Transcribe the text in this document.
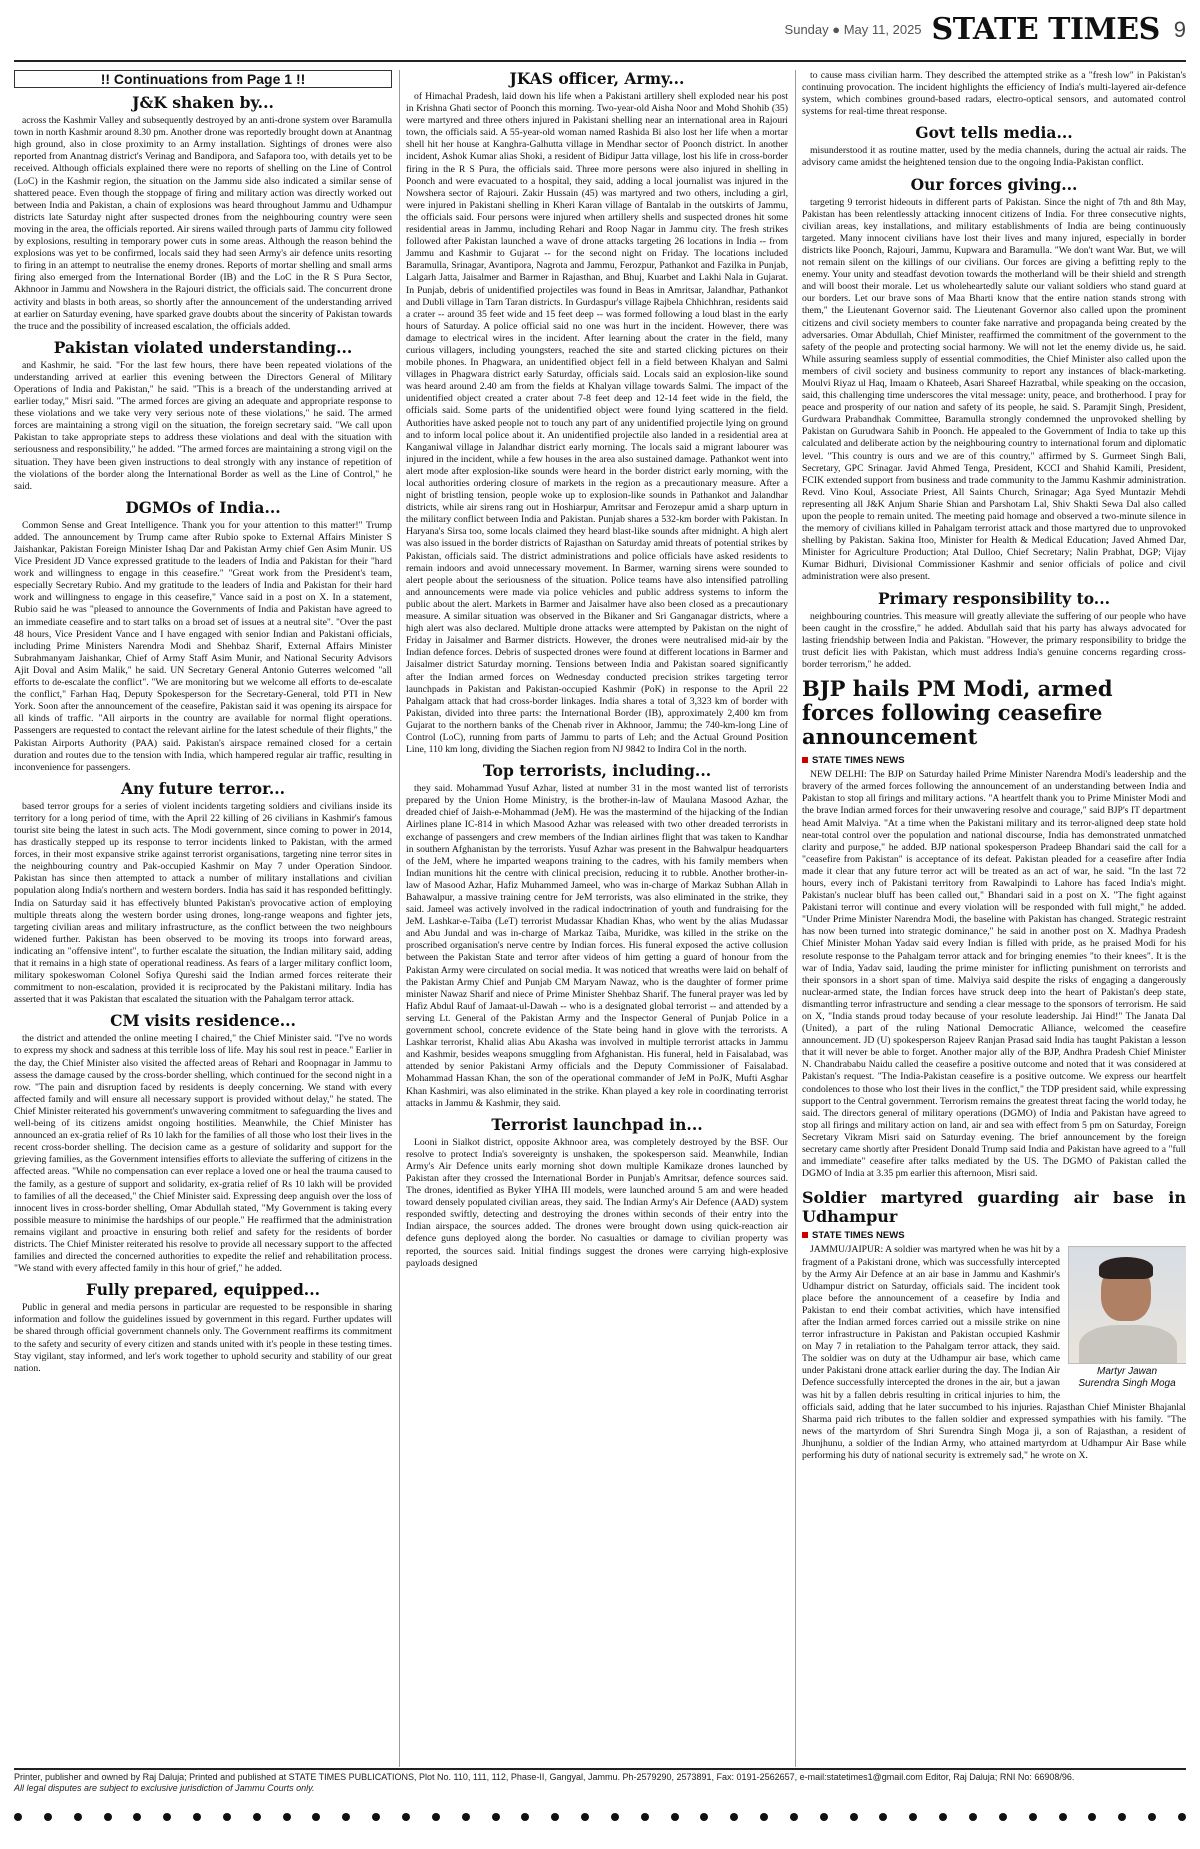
Sunday ● May 11, 2025 STATE TIMES 9
!! Continuations from Page 1 !!
J&K shaken by...

across the Kashmir Valley and subsequently destroyed by an anti-drone system over Baramulla town in north Kashmir around 8.30 pm. Another drone was reportedly brought down at Anantnag high ground, also in close proximity to an Army installation. Sightings of drones were also reported from Anantnag district's Verinag and Bandipora, and Safapora too, with details yet to be received. Although officials explained there were no reports of shelling on the Line of Control (LoC) in the Kashmir region, the situation on the Jammu side also indicated a similar sense of shattered peace. Even though the stoppage of firing and military action was directly worked out between India and Pakistan, a chain of explosions was heard throughout Jammu and Udhampur districts late Saturday night after suspected drones from the neighbouring country were seen moving in the area, the officials reported. Air sirens wailed through parts of Jammu city followed by explosions, resulting in temporary power cuts in some areas. Although the reason behind the explosions was yet to be confirmed, locals said they had seen Army's air defence units resorting to firing in an attempt to neutralise the enemy drones. Reports of mortar shelling and small arms firing also emerged from the International Border (IB) and the LoC in the R S Pura Sector, Akhnoor in Jammu and Nowshera in the Rajouri district, the officials said. The concurrent drone activity and blasts in both areas, so shortly after the announcement of the understanding arrived at earlier on Saturday evening, have sparked grave doubts about the sincerity of Pakistan towards the truce and the possibility of increased escalation, the officials added.

Pakistan violated understanding...

and Kashmir, he said. "For the last few hours, there have been repeated violations of the understanding arrived at earlier this evening between the Directors General of Military Operations of India and Pakistan," he said. "This is a breach of the understanding arrived at earlier today," Misri said. "The armed forces are giving an adequate and appropriate response to these violations and we take very very serious note of these violations," he said. The armed forces are maintaining a strong vigil on the situation, the foreign secretary said. "We call upon Pakistan to take appropriate steps to address these violations and deal with the situation with seriousness and responsibility," he added. "The armed forces are maintaining a strong vigil on the situation. They have been given instructions to deal strongly with any instance of repetition of the violations of the border along the International Border as well as the Line of Control," he said.

DGMOs of India...

Common Sense and Great Intelligence. Thank you for your attention to this matter!" Trump added. The announcement by Trump came after Rubio spoke to External Affairs Minister S Jaishankar, Pakistan Foreign Minister Ishaq Dar and Pakistan Army chief Gen Asim Munir. US Vice President JD Vance expressed gratitude to the leaders of India and Pakistan for their "hard work and willingness to engage in this ceasefire." "Great work from the President's team, especially Secretary Rubio. And my gratitude to the leaders of India and Pakistan for their hard work and willingness to engage in this ceasefire," Vance said in a post on X. In a statement, Rubio said he was "pleased to announce the Governments of India and Pakistan have agreed to an immediate ceasefire and to start talks on a broad set of issues at a neutral site". "Over the past 48 hours, Vice President Vance and I have engaged with senior Indian and Pakistani officials, including Prime Ministers Narendra Modi and Shehbaz Sharif, External Affairs Minister Subrahmanyam Jaishankar, Chief of Army Staff Asim Munir, and National Security Advisors Ajit Doval and Asim Malik," he said. UN Secretary General Antonio Guterres welcomed "all efforts to de-escalate the conflict". "We are monitoring but we welcome all efforts to de-escalate the conflict," Farhan Haq, Deputy Spokesperson for the Secretary-General, told PTI in New York. Soon after the announcement of the ceasefire, Pakistan said it was opening its airspace for all kinds of traffic. "All airports in the country are available for normal flight operations. Passengers are requested to contact the relevant airline for the latest schedule of their flights," the Pakistan Airports Authority (PAA) said. Pakistan's airspace remained closed for a certain duration and routes due to the tension with India, which hampered regular air traffic, resulting in inconvenience for passengers.

Any future terror...

based terror groups for a series of violent incidents targeting soldiers and civilians inside its territory for a long period of time, with the April 22 killing of 26 civilians in Kashmir's famous tourist site being the latest in such acts. The Modi government, since coming to power in 2014, has drastically stepped up its response to terror incidents linked to Pakistan, with the armed forces, in their most expansive strike against terrorist organisations, targeting nine terror sites in the neighbouring country and Pak-occupied Kashmir on May 7 under Operation Sindoor. Pakistan has since then attempted to attack a number of military installations and civilian population along India's northern and western borders. India has said it has responded befittingly. India on Saturday said it has effectively blunted Pakistan's provocative action of employing multiple threats along the western border using drones, long-range weapons and fighter jets, targeting civilian areas and military infrastructure, as the conflict between the two neighbours widened further. Pakistan has been observed to be moving its troops into forward areas, indicating an "offensive intent", to further escalate the situation, the Indian military said, adding that it remains in a high state of operational readiness. As fears of a larger military conflict loom, military spokeswoman Colonel Sofiya Qureshi said the Indian armed forces reiterate their commitment to non-escalation, provided it is reciprocated by the Pakistani military. India has asserted that it was Pakistan that escalated the situation with the Pahalgam terror attack.

CM visits residence...

the district and attended the online meeting I chaired," the Chief Minister said. "I've no words to express my shock and sadness at this terrible loss of life. May his soul rest in peace." Earlier in the day, the Chief Minister also visited the affected areas of Rehari and Roopnagar in Jammu to assess the damage caused by the cross-border shelling, which continued for the second night in a row. "The pain and disruption faced by residents is deeply concerning. We stand with every affected family and will ensure all necessary support is provided without delay," he stated. The Chief Minister reiterated his government's unwavering commitment to safeguarding the lives and well-being of its citizens amidst ongoing hostilities. Meanwhile, the Chief Minister has announced an ex-gratia relief of Rs 10 lakh for the families of all those who lost their lives in the recent cross-border shelling. The decision came as a gesture of solidarity and support for the grieving families, as the Government intensifies efforts to alleviate the suffering of citizens in the affected areas. "While no compensation can ever replace a loved one or heal the trauma caused to the family, as a gesture of support and solidarity, ex-gratia relief of Rs 10 lakh will be provided to families of all the deceased," the Chief Minister said. Expressing deep anguish over the loss of innocent lives in cross-border shelling, Omar Abdullah stated, "My Government is taking every possible measure to minimise the hardships of our people." He reaffirmed that the administration remains vigilant and proactive in ensuring both relief and safety for the residents of border districts. The Chief Minister reiterated his resolve to provide all necessary support to the affected families and directed the concerned authorities to expedite the relief and rehabilitation process. "We stand with every affected family in this hour of grief," he added.

Fully prepared, equipped...

Public in general and media persons in particular are requested to be responsible in sharing information and follow the guidelines issued by government in this regard. Further updates will be shared through official government channels only. The Government reaffirms its commitment to the safety and security of every citizen and stands united with it's people in these testing times. Stay vigilant, stay informed, and let's work together to uphold security and stability of our great nation.

JKAS officer, Army...

of Himachal Pradesh, laid down his life when a Pakistani artillery shell exploded near his post in Krishna Ghati sector of Poonch this morning. Two-year-old Aisha Noor and Mohd Shohib (35) were martyred and three others injured in Pakistani shelling near an international area in Rajouri town, the officials said. A 55-year-old woman named Rashida Bi also lost her life when a mortar shell hit her house at Kanghra-Galhutta village in Mendhar sector of Poonch district. In another incident, Ashok Kumar alias Shoki, a resident of Bidipur Jatta village, lost his life in cross-border firing in the R S Pura, the officials said. Three more persons were also injured in shelling in Poonch and were evacuated to a hospital, they said, adding a local journalist was injured in the Nowshera sector of Rajouri. Zakir Hussain (45) was martyred and two others, including a girl, were injured in Pakistani shelling in Kheri Karan village of Bantalab in the outskirts of Jammu, the officials said. Four persons were injured when artillery shells and suspected drones hit some residential areas in Jammu, including Rehari and Roop Nagar in Jammu city. The fresh strikes followed after Pakistan launched a wave of drone attacks targeting 26 locations in India -- from Jammu and Kashmir to Gujarat -- for the second night on Friday. The locations included Baramulla, Srinagar, Avantipora, Nagrota and Jammu, Ferozpur, Pathankot and Fazilka in Punjab, Lalgarh Jatta, Jaisalmer and Barmer in Rajasthan, and Bhuj, Kuarbet and Lakhi Nala in Gujarat. In Punjab, debris of unidentified projectiles was found in Beas in Amritsar, Jalandhar, Pathankot and Dubli village in Tarn Taran districts. In Gurdaspur's village Rajbela Chhichhran, residents said a crater -- around 35 feet wide and 15 feet deep -- was formed following a loud blast in the early hours of Saturday. A police official said no one was hurt in the incident. However, there was damage to electrical wires in the incident. After learning about the crater in the field, many curious villagers, including youngsters, reached the site and started clicking pictures on their mobile phones. In Phagwara, an unidentified object fell in a field between Khalyan and Salmi villages in Phagwara district early Saturday, officials said. Locals said an explosion-like sound was heard around 2.40 am from the fields at Khalyan village towards Salmi. The impact of the unidentified object created a crater about 7-8 feet deep and 12-14 feet wide in the field, the officials said. Some parts of the unidentified object were found lying scattered in the field. Authorities have asked people not to touch any part of any unidentified projectile lying on ground and to inform local police about it. An unidentified projectile also landed in a residential area at Kanganiwal village in Jalandhar district early morning. The locals said a migrant labourer was injured in the incident, while a few houses in the area also sustained damage. Pathankot went into alert mode after explosion-like sounds were heard in the border district early morning, with the local authorities ordering closure of markets in the region as a precautionary measure. After a night of bristling tension, people woke up to explosion-like sounds in Pathankot and Jalandhar districts, while air sirens rang out in Hoshiarpur, Amritsar and Ferozepur amid a sharp upturn in the military conflict between India and Pakistan. Punjab shares a 532-km border with Pakistan. In Haryana's Sirsa too, some locals claimed they heard blast-like sounds after midnight. A high alert was also issued in the border districts of Rajasthan on Saturday amid threats of potential strikes by Pakistan, officials said. The district administrations and police officials have asked residents to remain indoors and avoid unnecessary movement. In Barmer, warning sirens were sounded to alert people about the seriousness of the situation. Police teams have also intensified patrolling and announcements were made via police vehicles and public address systems to inform the public about the alert. Markets in Barmer and Jaisalmer have also been closed as a precautionary measure. A similar situation was observed in the Bikaner and Sri Ganganagar districts, where a high alert was also declared. Multiple drone attacks were attempted by Pakistan on the night of Friday in Jaisalmer and Barmer districts. However, the drones were neutralised mid-air by the Indian defence forces. Debris of suspected drones were found at different locations in Barmer and Jaisalmer district Saturday morning. Tensions between India and Pakistan soared significantly after the Indian armed forces on Wednesday conducted precision strikes targeting terror launchpads in Pakistan and Pakistan-occupied Kashmir (PoK) in response to the April 22 Pahalgam attack that had cross-border linkages. India shares a total of 3,323 km of border with Pakistan, divided into three parts: the International Border (IB), approximately 2,400 km from Gujarat to the northern banks of the Chenab river in Akhnoor, Jammu; the 740-km-long Line of Control (LoC), running from parts of Jammu to parts of Leh; and the Actual Ground Position Line, 110 km long, dividing the Siachen region from NJ 9842 to Indira Col in the north.

Top terrorists, including...

they said. Mohammad Yusuf Azhar, listed at number 31 in the most wanted list of terrorists prepared by the Union Home Ministry, is the brother-in-law of Maulana Masood Azhar, the dreaded chief of Jaish-e-Mohammad (JeM). He was the mastermind of the hijacking of the Indian Airlines plane IC-814 in which Masood Azhar was released with two other dreaded terrorists in exchange of passengers and crew members of the Indian airlines flight that was taken to Kandhar in southern Afghanistan by the terrorists. Yusuf Azhar was present in the Bahwalpur headquarters of the JeM, where he imparted weapons training to the cadres, with his family members when Indian munitions hit the centre with clinical precision, reducing it to rubble. Another brother-in-law of Masood Azhar, Hafiz Muhammed Jameel, who was in-charge of Markaz Subhan Allah in Bahawalpur, a massive training centre for JeM terrorists, was also eliminated in the strike, they said. Jameel was actively involved in the radical indoctrination of youth and fundraising for the JeM. Lashkar-e-Taiba (LeT) terrorist Mudassar Khadian Khas, who went by the alias Mudassar and Abu Jundal and was in-charge of Markaz Taiba, Muridke, was killed in the strike on the proscribed organisation's nerve centre by Indian forces. His funeral exposed the active collusion between the Pakistan State and terror after videos of him getting a guard of honour from the Pakistan Army were circulated on social media. It was noticed that wreaths were laid on behalf of the Pakistan Army Chief and Punjab CM Maryam Nawaz, who is the daughter of former prime minister Nawaz Sharif and niece of Prime Minister Shehbaz Sharif. The funeral prayer was led by Hafiz Abdul Rauf of Jamaat-ul-Dawah -- who is a designated global terrorist -- and attended by a serving Lt. General of the Pakistan Army and the Inspector General of Punjab Police in a government school, concrete evidence of the State being hand in glove with the terrorists. A Lashkar terrorist, Khalid alias Abu Akasha was involved in multiple terrorist attacks in Jammu and Kashmir, besides weapons smuggling from Afghanistan. His funeral, held in Faisalabad, was attended by senior Pakistani Army officials and the Deputy Commissioner of Faisalabad. Mohammad Hassan Khan, the son of the operational commander of JeM in PoJK, Mufti Asghar Khan Kashmiri, was also eliminated in the strike. Khan played a key role in coordinating terrorist attacks in Jammu & Kashmir, they said.

Terrorist launchpad in...

Looni in Sialkot district, opposite Akhnoor area, was completely destroyed by the BSF. Our resolve to protect India's sovereignty is unshaken, the spokesperson said. Meanwhile, Indian Army's Air Defence units early morning shot down multiple Kamikaze drones launched by Pakistan after they crossed the International Border in Punjab's Amritsar, defence sources said. The drones, identified as Byker YIHA III models, were launched around 5 am and were headed toward densely populated civilian areas, they said. The Indian Army's Air Defence (AAD) system responded swiftly, detecting and destroying the drones within seconds of their entry into the Indian airspace, the sources added. The drones were brought down using quick-reaction air defence guns deployed along the border. No casualties or damage to civilian property was reported, the sources said. Initial findings suggest the drones were carrying high-explosive payloads designed

to cause mass civilian harm. They described the attempted strike as a "fresh low" in Pakistan's continuing provocation. The incident highlights the efficiency of India's multi-layered air-defence system, which combines ground-based radars, electro-optical sensors, and automated control systems for real-time threat response.

Govt tells media...

misunderstood it as routine matter, used by the media channels, during the actual air raids. The advisory came amidst the heightened tension due to the ongoing India-Pakistan conflict.

Our forces giving...

targeting 9 terrorist hideouts in different parts of Pakistan. Since the night of 7th and 8th May, Pakistan has been relentlessly attacking innocent citizens of India. For three consecutive nights, civilian areas, key installations, and military establishments of India are being continuously targeted. Many innocent civilians have lost their lives and many injured, especially in border districts like Poonch, Rajouri, Jammu, Kupwara and Baramulla. "We don't want War. But, we will not remain silent on the killings of our civilians. Our forces are giving a befitting reply to the enemy. Your unity and steadfast devotion towards the motherland will be their shield and strength and will boost their morale. Let us wholeheartedly salute our valiant soldiers who stand guard at our borders. Let our brave sons of Maa Bharti know that the entire nation stands strong with them," the Lieutenant Governor said. The Lieutenant Governor also called upon the prominent citizens and civil society members to counter fake narrative and propaganda being created by the adversaries. Omar Abdullah, Chief Minister, reaffirmed the commitment of the government to the safety of the people and protecting social harmony. We will not let the enemy divide us, he said. While assuring seamless supply of essential commodities, the Chief Minister also called upon the members of civil society and business community to report any instances of black-marketing. Moulvi Riyaz ul Haq, Imaam o Khateeb, Asari Shareef Hazratbal, while speaking on the occasion, said, this challenging time underscores the vital message: unity, peace, and brotherhood. I pray for peace and prosperity of our nation and safety of its people, he said. S. Paramjit Singh, President, Gurdwara Prabandhak Committee, Baramulla strongly condemned the unprovoked shelling by Pakistan on Gurudwara Sahib in Poonch. He appealed to the Government of India to take up this calculated and deliberate action by the neighbouring country to international forum and diplomatic level. "This country is ours and we are of this country," affirmed by S. Gurmeet Singh Bali, Secretary, GPC Srinagar. Javid Ahmed Tenga, President, KCCI and Shahid Kamili, President, FCIK extended support from business and trade community to the Jammu Kashmir administration. Revd. Vino Koul, Associate Priest, All Saints Church, Srinagar; Aga Syed Muntazir Mehdi representing all J&K Anjum Sharie Shian and Parshotam Lal, Shiv Shakti Sewa Dal also called upon the people to remain united. The meeting paid homage and observed a two-minute silence in the memory of civilians killed in Pahalgam terrorist attack and those martyred due to unprovoked shelling by Pakistan. Sakina Itoo, Minister for Health & Medical Education; Javed Ahmed Dar, Minister for Agriculture Production; Atal Dulloo, Chief Secretary; Nalin Prabhat, DGP; Vijay Kumar Bidhuri, Divisional Commissioner Kashmir and senior officials of police and civil administration were also present.

Primary responsibility to...

neighbouring countries. This measure will greatly alleviate the suffering of our people who have been caught in the crossfire," he added. Abdullah said that his party has always advocated for lasting friendship between India and Pakistan. "However, the primary responsibility to bridge the trust deficit lies with Pakistan, which must address India's genuine concerns regarding cross-border terrorism," he added.

BJP hails PM Modi, armed forces following ceasefire announcement
STATE TIMES NEWS

NEW DELHI: The BJP on Saturday hailed Prime Minister Narendra Modi's leadership and the bravery of the armed forces following the announcement of an understanding between India and Pakistan to stop all firings and military actions. "A heartfelt thank you to Prime Minister Modi and the brave Indian armed forces for their unwavering resolve and courage," said BJP's IT department head Amit Malviya. "At a time when the Pakistani military and its terror-aligned deep state hold near-total control over the population and national discourse, India has demonstrated unmatched clarity and purpose," he added. BJP national spokesperson Pradeep Bhandari said the call for a "ceasefire from Pakistan" is acceptance of its defeat. Pakistan pleaded for a ceasefire after India made it clear that any future terror act will be treated as an act of war, he said. "In the last 72 hours, every inch of Pakistani territory from Rawalpindi to Lahore has faced India's might. Pakistan's nuclear bluff has been called out," Bhandari said in a post on X. "The fight against Pakistani terror will continue and every violation will be responded with full might," he added. "Under Prime Minister Narendra Modi, the baseline with Pakistan has changed. Strategic restraint has now been turned into strategic dominance," he said in another post on X. Madhya Pradesh Chief Minister Mohan Yadav said every Indian is filled with pride, as he praised Modi for his resolute response to the Pahalgam terror attack and for bringing enemies "to their knees". It is the war of India, Yadav said, lauding the prime minister for inflicting punishment on terrorists and their sponsors in a short span of time. Malviya said despite the risks of engaging a dangerously nuclear-armed state, the Indian forces have struck deep into the heart of Pakistan's deep state, dismantling terror infrastructure and sending a clear message to the sponsors of terrorism. He said on X, "India stands proud today because of your resolute leadership. Jai Hind!" The Janata Dal (United), a part of the ruling National Democratic Alliance, welcomed the ceasefire announcement. JD (U) spokesperson Rajeev Ranjan Prasad said India has taught Pakistan a lesson that it will never be able to forget. Another major ally of the BJP, Andhra Pradesh Chief Minister N. Chandrababu Naidu called the ceasefire a positive outcome and noted that it was considered at Pakistan's request. "The India-Pakistan ceasefire is a positive outcome. We express our heartfelt condolences to those who lost their lives in the conflict," the TDP president said, while expressing support to the Central government. Terrorism remains the greatest threat facing the world today, he said. The directors general of military operations (DGMO) of India and Pakistan have agreed to stop all firings and military action on land, air and sea with effect from 5 pm on Saturday, Foreign Secretary Vikram Misri said on Saturday evening. The brief announcement by the foreign secretary came shortly after President Donald Trump said India and Pakistan have agreed to a "full and immediate" ceasefire after talks mediated by the US. The DGMO of Pakistan called the DGMO of India at 3.35 pm earlier this afternoon, Misri said.

Soldier martyred guarding air base in Udhampur
STATE TIMES NEWS
Martyr Jawan
Surendra Singh Moga

JAMMU/JAIPUR: A soldier was martyred when he was hit by a fragment of a Pakistani drone, which was successfully intercepted by the Army Air Defence at an air base in Jammu and Kashmir's Udhampur district on Saturday, officials said. The incident took place before the announcement of a ceasefire by India and Pakistan to end their combat activities, which have intensified after the Indian armed forces carried out a missile strike on nine terror infrastructure in Pakistan and Pakistan occupied Kashmir on May 7 in retaliation to the Pahalgam terror attack, they said. The soldier was on duty at the Udhampur air base, which came under Pakistani drone attack earlier during the day. The Indian Air Defence successfully intercepted the drones in the air, but a jawan was hit by a fallen debris resulting in critical injuries to him, the officials said, adding that he later succumbed to his injuries. Rajasthan Chief Minister Bhajanlal Sharma paid rich tributes to the fallen soldier and expressed sympathies with his family. "The news of the martyrdom of Shri Surendra Singh Moga ji, a son of Rajasthan, a resident of Jhunjhunu, a soldier of the Indian Army, who attained martyrdom at Udhampur Air Base while performing his duty of national security is extremely sad," he wrote on X.

Printer, publisher and owned by Raj Daluja; Printed and published at STATE TIMES PUBLICATIONS, Plot No. 110, 111, 112, Phase-II, Gangyal, Jammu. Ph-2579290, 2573891, Fax: 0191-2562657, e-mail:statetimes1@gmail.com Editor, Raj Daluja; RNI No: 66908/96.
All legal disputes are subject to exclusive jurisdiction of Jammu Courts only.
